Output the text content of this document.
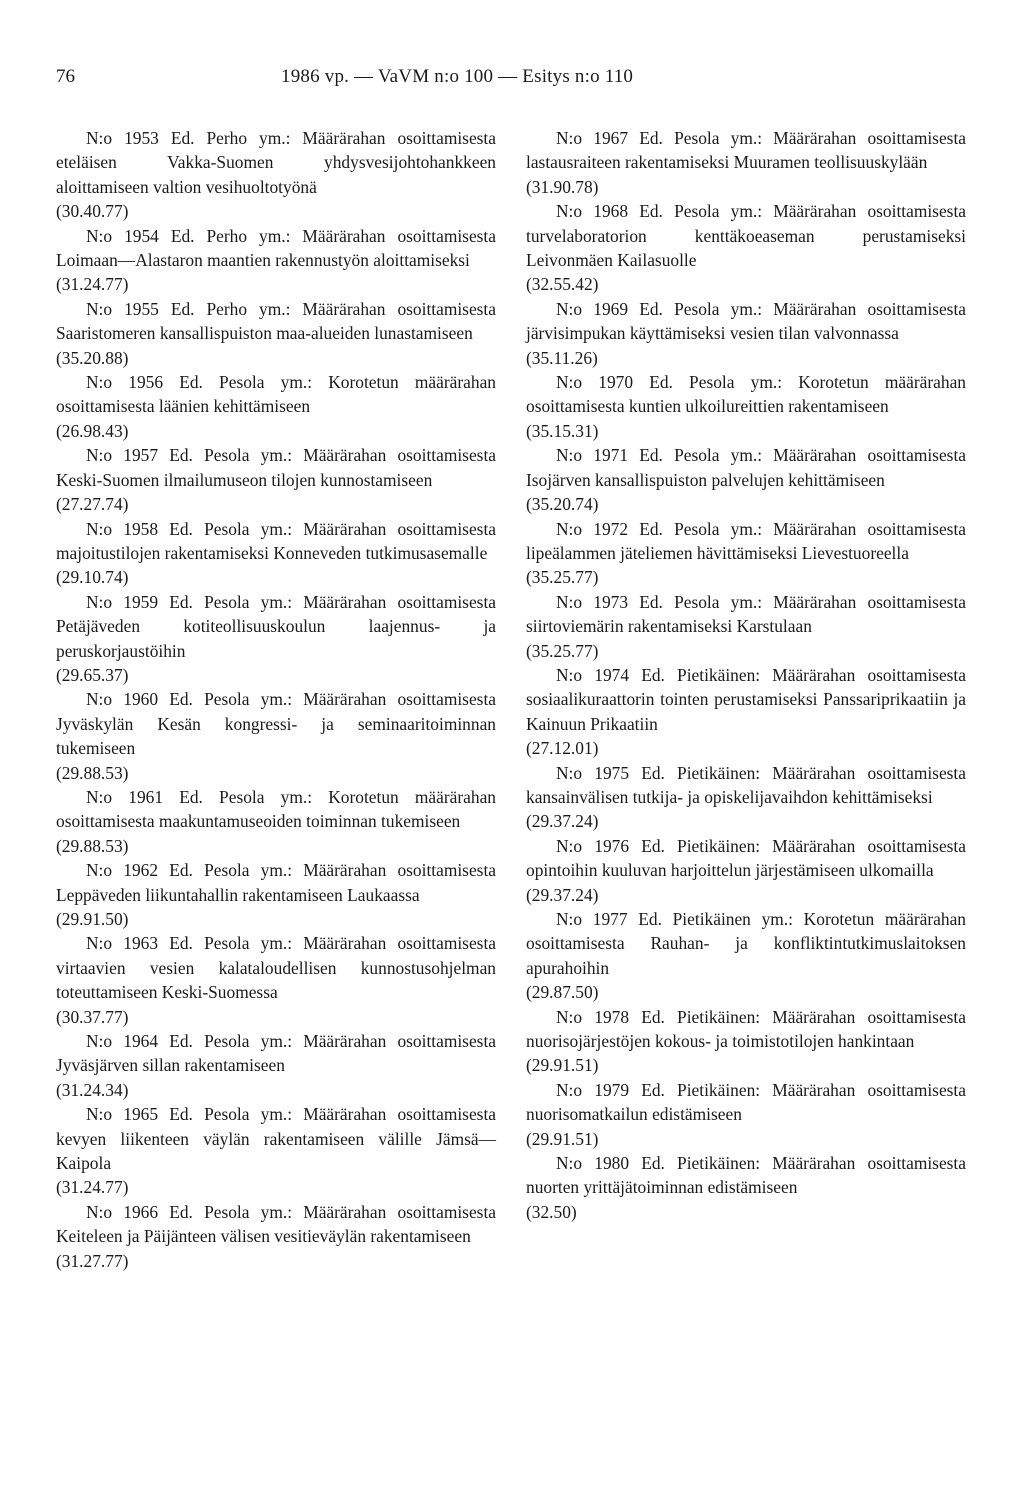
76	1986 vp. — VaVM n:o 100 — Esitys n:o 110

N:o 1953 Ed. Perho ym.: Määrärahan osoittamisesta eteläisen Vakka-Suomen yhdysvesijohtohankkeen aloittamiseen valtion vesihuoltotyönä

(30.40.77)

N:o 1954 Ed. Perho ym.: Määrärahan osoittamisesta Loimaan—Alastaron maantien rakennustyön aloittamiseksi

(31.24.77)

N:o 1955 Ed. Perho ym.: Määrärahan osoittamisesta Saaristomeren kansallispuiston maa-alueiden lunastamiseen

(35.20.88)

N:o 1956 Ed. Pesola ym.: Korotetun määrärahan osoittamisesta läänien kehittämiseen

(26.98.43)

N:o 1957 Ed. Pesola ym.: Määrärahan osoittamisesta Keski-Suomen ilmailumuseon tilojen kunnostamiseen

(27.27.74)

N:o 1958 Ed. Pesola ym.: Määrärahan osoittamisesta majoitustilojen rakentamiseksi Konneveden tutkimusasemalle

(29.10.74)

N:o 1959 Ed. Pesola ym.: Määrärahan osoittamisesta Petäjäveden kotiteollisuuskoulun laajennus- ja peruskorjaustöihin

(29.65.37)

N:o 1960 Ed. Pesola ym.: Määrärahan osoittamisesta Jyväskylän Kesän kongressi- ja seminaaritoiminnan tukemiseen

(29.88.53)

N:o 1961 Ed. Pesola ym.: Korotetun määrärahan osoittamisesta maakuntamuseoiden toiminnan tukemiseen

(29.88.53)

N:o 1962 Ed. Pesola ym.: Määrärahan osoittamisesta Leppäveden liikuntahallin rakentamiseen Laukaassa

(29.91.50)

N:o 1963 Ed. Pesola ym.: Määrärahan osoittamisesta virtaavien vesien kalataloudellisen kunnostusohjelman toteuttamiseen Keski-Suomessa

(30.37.77)

N:o 1964 Ed. Pesola ym.: Määrärahan osoittamisesta Jyväsjärven sillan rakentamiseen

(31.24.34)

N:o 1965 Ed. Pesola ym.: Määrärahan osoittamisesta kevyen liikenteen väylän rakentamiseen välille Jämsä—Kaipola

(31.24.77)

N:o 1966 Ed. Pesola ym.: Määrärahan osoittamisesta Keiteleen ja Päijänteen välisen vesitieväylän rakentamiseen

(31.27.77)

N:o 1967 Ed. Pesola ym.: Määrärahan osoittamisesta lastausraiteen rakentamiseksi Muuramen teollisuuskylään

(31.90.78)

N:o 1968 Ed. Pesola ym.: Määrärahan osoittamisesta turvelaboratorion kenttäkoeaseman perustamiseksi Leivonmäen Kailasuolle

(32.55.42)

N:o 1969 Ed. Pesola ym.: Määrärahan osoittamisesta järvisimpukan käyttämiseksi vesien tilan valvonnassa

(35.11.26)

N:o 1970 Ed. Pesola ym.: Korotetun määrärahan osoittamisesta kuntien ulkoilureittien rakentamiseen

(35.15.31)

N:o 1971 Ed. Pesola ym.: Määrärahan osoittamisesta Isojärven kansallispuiston palvelujen kehittämiseen

(35.20.74)

N:o 1972 Ed. Pesola ym.: Määrärahan osoittamisesta lipeälammen jäteliemen hävittämiseksi Lievestuoreella

(35.25.77)

N:o 1973 Ed. Pesola ym.: Määrärahan osoittamisesta siirtoviemärin rakentamiseksi Karstulaan

(35.25.77)

N:o 1974 Ed. Pietikäinen: Määrärahan osoittamisesta sosiaalikuraattorin tointen perustamiseksi Panssariprikaatiin ja Kainuun Prikaatiin

(27.12.01)

N:o 1975 Ed. Pietikäinen: Määrärahan osoittamisesta kansainvälisen tutkija- ja opiskelijavaihdon kehittämiseksi

(29.37.24)

N:o 1976 Ed. Pietikäinen: Määrärahan osoittamisesta opintoihin kuuluvan harjoittelun järjestämiseen ulkomailla

(29.37.24)

N:o 1977 Ed. Pietikäinen ym.: Korotetun määrärahan osoittamisesta Rauhan- ja konfliktintutkimuslaitoksen apurahoihin

(29.87.50)

N:o 1978 Ed. Pietikäinen: Määrärahan osoittamisesta nuorisojärjestöjen kokous- ja toimistotilojen hankintaan

(29.91.51)

N:o 1979 Ed. Pietikäinen: Määrärahan osoittamisesta nuorisomatkailun edistämiseen

(29.91.51)

N:o 1980 Ed. Pietikäinen: Määrärahan osoittamisesta nuorten yrittäjätoiminnan edistämiseen

(32.50)
